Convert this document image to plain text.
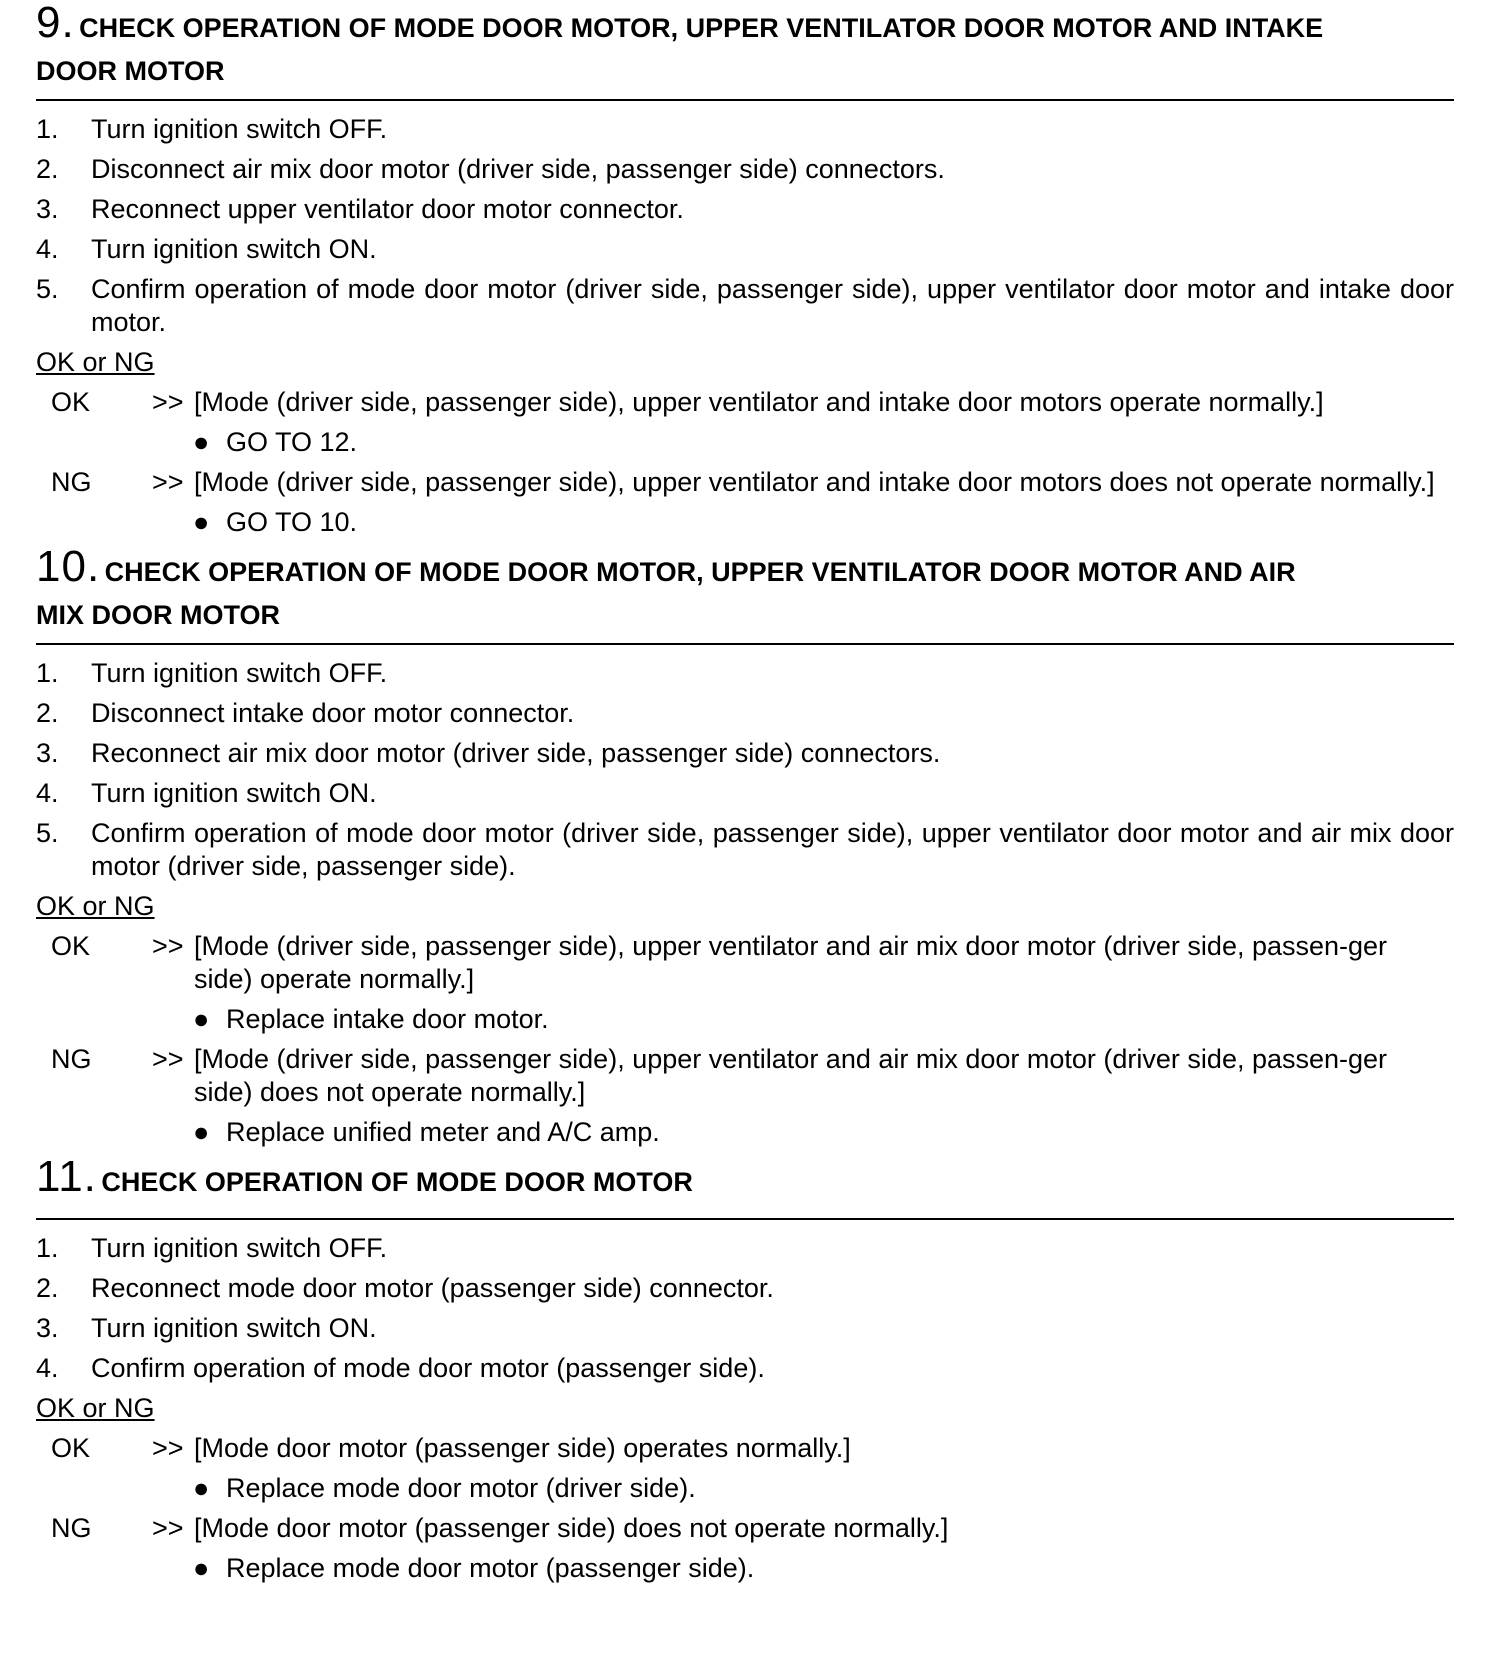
9. CHECK OPERATION OF MODE DOOR MOTOR, UPPER VENTILATOR DOOR MOTOR AND INTAKE
DOOR MOTOR
1. Turn ignition switch OFF.
2. Disconnect air mix door motor (driver side, passenger side) connectors.
3. Reconnect upper ventilator door motor connector.
4. Turn ignition switch ON.
5. Confirm operation of mode door motor (driver side, passenger side), upper ventilator door motor and intake door motor.
OK or NG
OK >> [Mode (driver side, passenger side), upper ventilator and intake door motors operate normally.]
● GO TO 12.
NG >> [Mode (driver side, passenger side), upper ventilator and intake door motors does not operate normally.]
● GO TO 10.
10. CHECK OPERATION OF MODE DOOR MOTOR, UPPER VENTILATOR DOOR MOTOR AND AIR
MIX DOOR MOTOR
1. Turn ignition switch OFF.
2. Disconnect intake door motor connector.
3. Reconnect air mix door motor (driver side, passenger side) connectors.
4. Turn ignition switch ON.
5. Confirm operation of mode door motor (driver side, passenger side), upper ventilator door motor and air mix door motor (driver side, passenger side).
OK or NG
OK >> [Mode (driver side, passenger side), upper ventilator and air mix door motor (driver side, passen-ger side) operate normally.]
● Replace intake door motor.
NG >> [Mode (driver side, passenger side), upper ventilator and air mix door motor (driver side, passen-ger side) does not operate normally.]
● Replace unified meter and A/C amp.
11. CHECK OPERATION OF MODE DOOR MOTOR
1. Turn ignition switch OFF.
2. Reconnect mode door motor (passenger side) connector.
3. Turn ignition switch ON.
4. Confirm operation of mode door motor (passenger side).
OK or NG
OK >> [Mode door motor (passenger side) operates normally.]
● Replace mode door motor (driver side).
NG >> [Mode door motor (passenger side) does not operate normally.]
● Replace mode door motor (passenger side).
